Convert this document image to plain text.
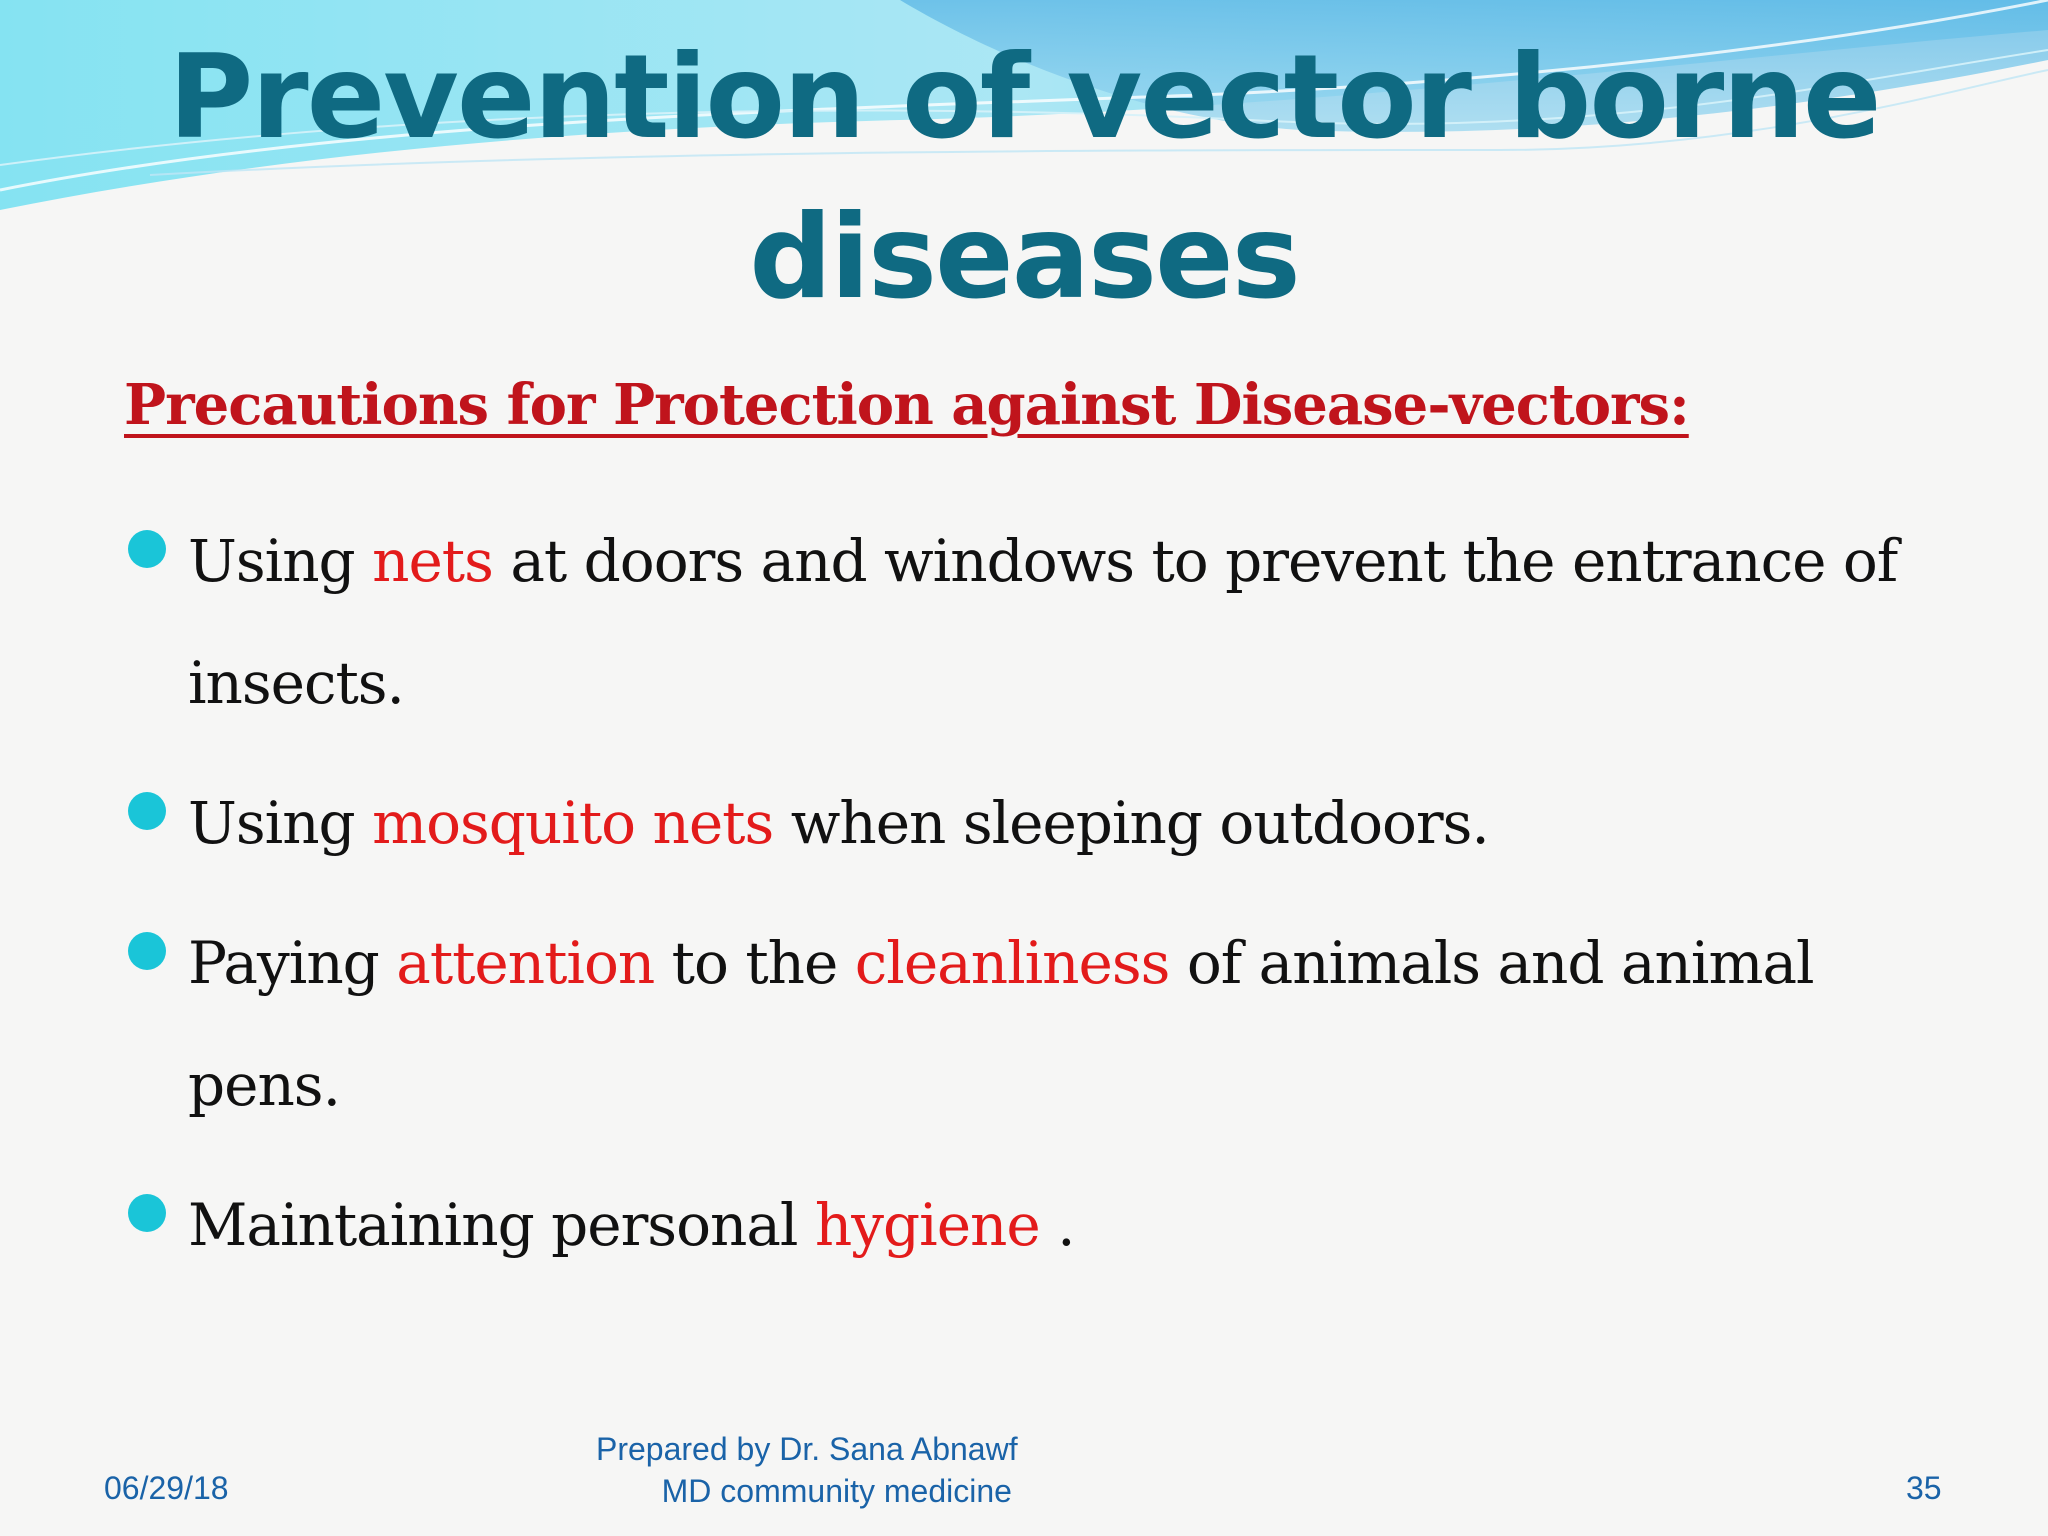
Prevention of vector borne
diseases
Precautions for Protection against Disease-vectors:
Using nets at doors and windows to prevent the entrance of insects.
Using mosquito nets when sleeping outdoors.
Paying attention to the cleanliness of animals and animal pens.
Maintaining personal hygiene .
06/29/18
Prepared by Dr. Sana Abnawf
MD community medicine	35
